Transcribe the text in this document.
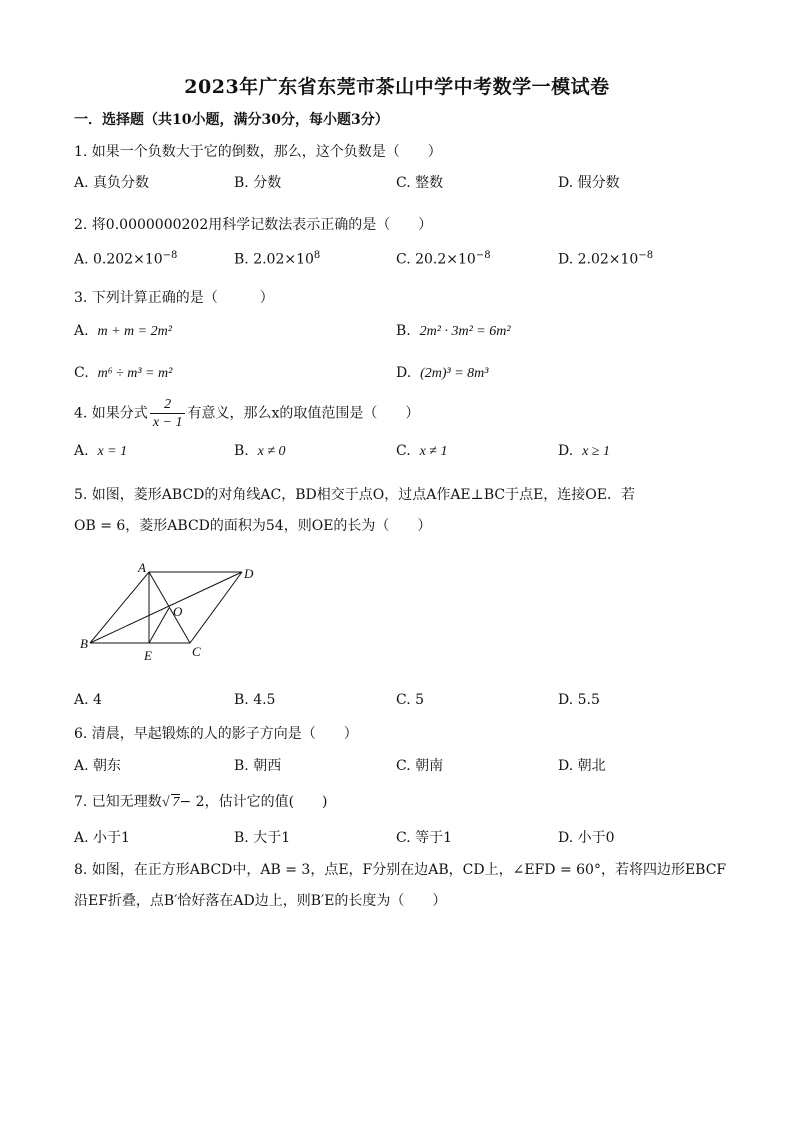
2023年广东省东莞市茶山中学中考数学一模试卷
一．选择题（共10小题，满分30分，每小题3分）
1. 如果一个负数大于它的倒数，那么，这个负数是（　　）
A. 真负分数	B. 分数	C. 整数	D. 假分数
2. 将0.0000000202用科学记数法表示正确的是（　　）
A. $0.202\times 10^{-8}$	B. $2.02\times 10^8$	C. $20.2\times 10^{-8}$	D. $2.02\times 10^{-8}$
3. 下列计算正确的是（　　　）
A. m + m = 2m²	B. 2m² · 3m² = 6m²
C. m⁶ ÷ m³ = m²	D. (2m)³ = 8m³
4. 如果分式 $\frac{2}{x - 1}$ 有意义，那么x的取值范围是（　　）
A. x = 1	B. x ≠ 0	C. x ≠ 1	D. x ≥ 1
5. 如图，菱形ABCD的对角线AC，BD相交于点O，过点A作AE⊥BC于点E，连接OE．若
OB = 6，菱形ABCD的面积为54，则OE的长为（　　）
A
B
C
D
E
O
A. 4	B. 4.5	C. 5	D. 5.5
6. 清晨，早起锻炼的人的影子方向是（　　）
A. 朝东	B. 朝西	C. 朝南	D. 朝北
7. 已知无理数√ 7− 2，估计它的值(　　)
A. 小于1	B. 大于1	C. 等于1	D. 小于0
8. 如图，在正方形ABCD中，AB = 3，点E，F分别在边AB，CD上，∠EFD = 60°，若将四边形EBCF
沿EF折叠，点B′恰好落在AD边上，则B′E的长度为（　　）
